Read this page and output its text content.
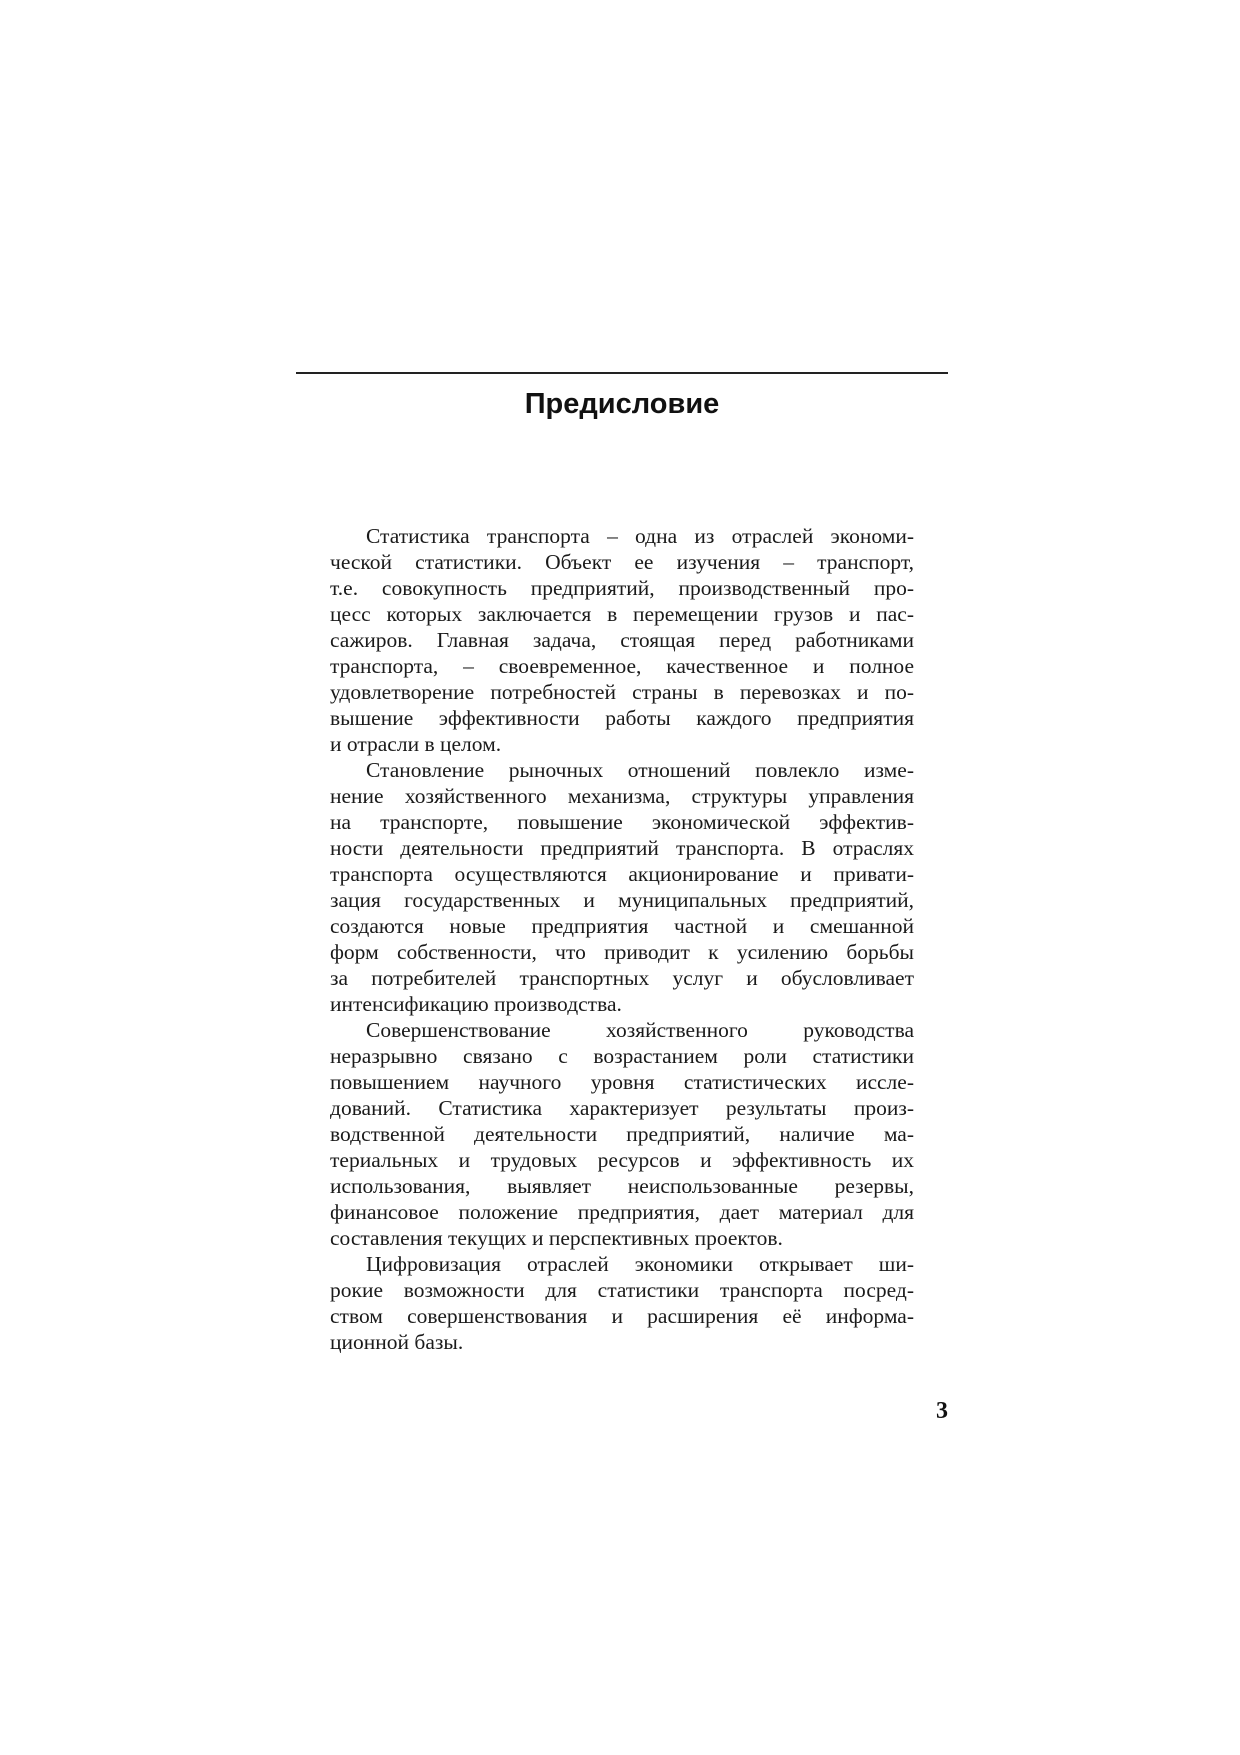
Предисловие
Статистика транспорта – одна из отраслей экономи-
ческой статистики. Объект ее изучения – транспорт,
т.е. совокупность предприятий, производственный про-
цесс которых заключается в перемещении грузов и пас-
сажиров. Главная задача, стоящая перед работниками
транспорта, – своевременное, качественное и полное
удовлетворение потребностей страны в перевозках и по-
вышение эффективности работы каждого предприятия
и отрасли в целом.
Становление рыночных отношений повлекло изме-
нение хозяйственного механизма, структуры управления
на транспорте, повышение экономической эффектив-
ности деятельности предприятий транспорта. В отраслях
транспорта осуществляются акционирование и привати-
зация государственных и муниципальных предприятий,
создаются новые предприятия частной и смешанной
форм собственности, что приводит к усилению борьбы
за потребителей транспортных услуг и обусловливает
интенсификацию производства.
Совершенствование хозяйственного руководства
неразрывно связано с возрастанием роли статистики
повышением научного уровня статистических иссле-
дований. Статистика характеризует результаты произ-
водственной деятельности предприятий, наличие ма-
териальных и трудовых ресурсов и эффективность их
использования, выявляет неиспользованные резервы,
финансовое положение предприятия, дает материал для
составления текущих и перспективных проектов.
Цифровизация отраслей экономики открывает ши-
рокие возможности для статистики транспорта посред-
ством совершенствования и расширения её информа-
ционной базы.
3
